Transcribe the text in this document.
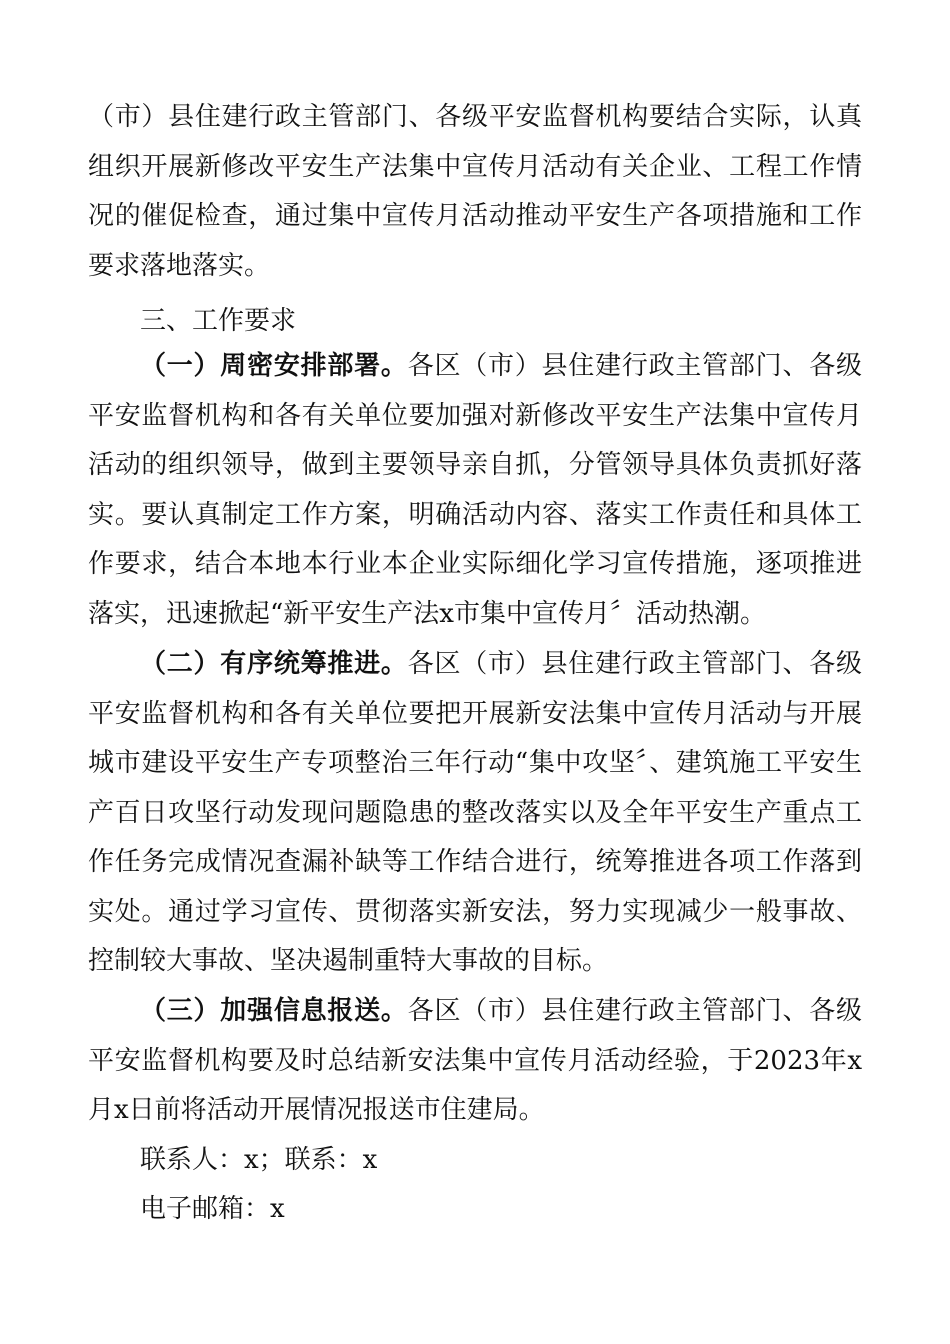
（市）县住建行政主管部门、各级平安监督机构要结合实际，认真组织开展新修改平安生产法集中宣传月活动有关企业、工程工作情况的催促检查，通过集中宣传月活动推动平安生产各项措施和工作要求落地落实。

三、工作要求

（一）周密安排部署。各区（市）县住建行政主管部门、各级平安监督机构和各有关单位要加强对新修改平安生产法集中宣传月活动的组织领导，做到主要领导亲自抓，分管领导具体负责抓好落实。要认真制定工作方案，明确活动内容、落实工作责任和具体工作要求，结合本地本行业本企业实际细化学习宣传措施，逐项推进落实，迅速掀起“新平安生产法x市集中宣传月〞活动热潮。

（二）有序统筹推进。各区（市）县住建行政主管部门、各级平安监督机构和各有关单位要把开展新安法集中宣传月活动与开展城市建设平安生产专项整治三年行动“集中攻坚〞、建筑施工平安生产百日攻坚行动发现问题隐患的整改落实以及全年平安生产重点工作任务完成情况查漏补缺等工作结合进行，统筹推进各项工作落到实处。通过学习宣传、贯彻落实新安法，努力实现减少一般事故、控制较大事故、坚决遏制重特大事故的目标。

（三）加强信息报送。各区（市）县住建行政主管部门、各级平安监督机构要及时总结新安法集中宣传月活动经验，于2023年x月x日前将活动开展情况报送市住建局。

联系人：x；联系：x

电子邮箱：x
